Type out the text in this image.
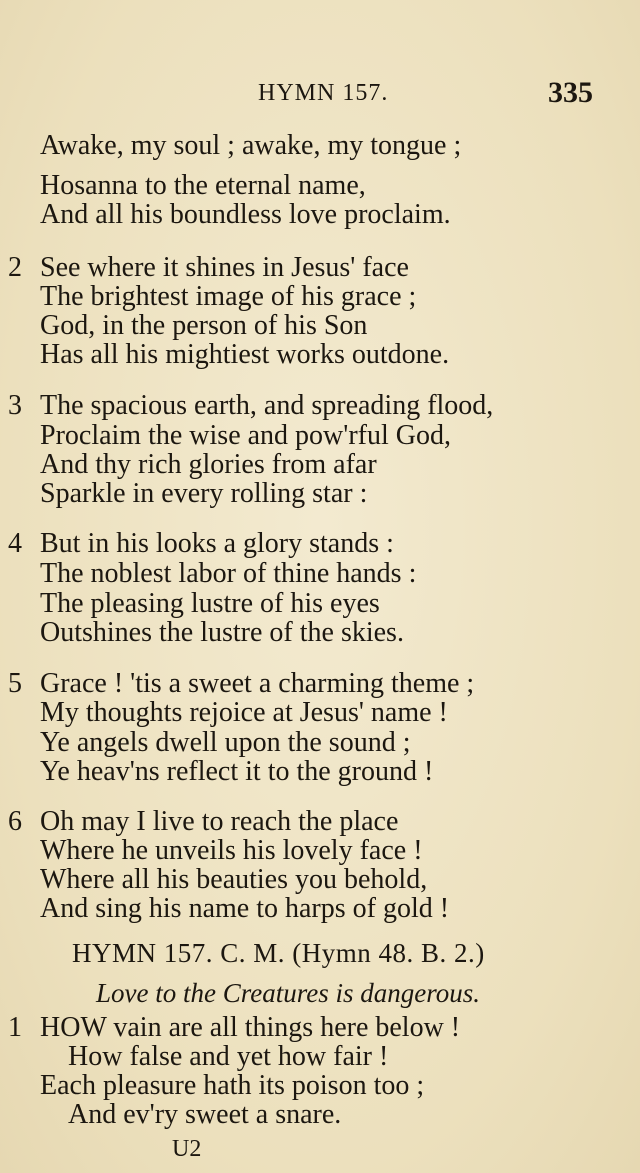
HYMN 157.	335
Awake, my soul ; awake, my tongue ;
Hosanna to the eternal name,
And all his boundless love proclaim.
2 See where it shines in Jesus' face
The brightest image of his grace ;
God, in the person of his Son
Has all his mightiest works outdone.
3 The spacious earth, and spreading flood,
Proclaim the wise and pow'rful God,
And thy rich glories from afar
Sparkle in every rolling star :
4 But in his looks a glory stands :
The noblest labor of thine hands :
The pleasing lustre of his eyes
Outshines the lustre of the skies.
5 Grace ! 'tis a sweet a charming theme ;
My thoughts rejoice at Jesus' name !
Ye angels dwell upon the sound ;
Ye heav'ns reflect it to the ground !
6 Oh may I live to reach the place
Where he unveils his lovely face !
Where all his beauties you behold,
And sing his name to harps of gold !
HYMN 157. C. M. (Hymn 48. B. 2.)
Love to the Creatures is dangerous.
1 HOW vain are all things here below !
How false and yet how fair !
Each pleasure hath its poison too ;
And ev'ry sweet a snare.
U2
